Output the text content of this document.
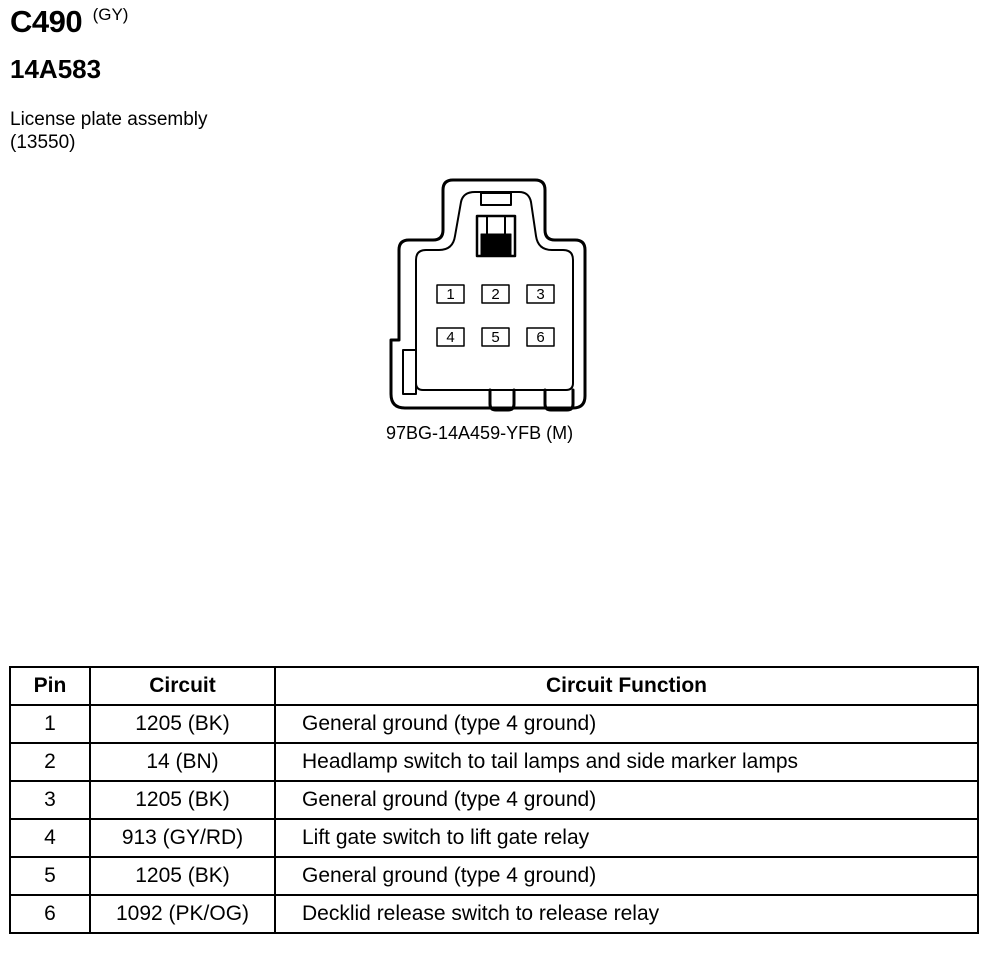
C490 (GY)
14A583
License plate assembly
(13550)
1 2 3
4 5 6
97BG-14A459-YFB (M)
Pin	Circuit	Circuit Function
1	1205 (BK)	General ground (type 4 ground)
2	14 (BN)	Headlamp switch to tail lamps and side marker lamps
3	1205 (BK)	General ground (type 4 ground)
4	913 (GY/RD)	Lift gate switch to lift gate relay
5	1205 (BK)	General ground (type 4 ground)
6	1092 (PK/OG)	Decklid release switch to release relay
